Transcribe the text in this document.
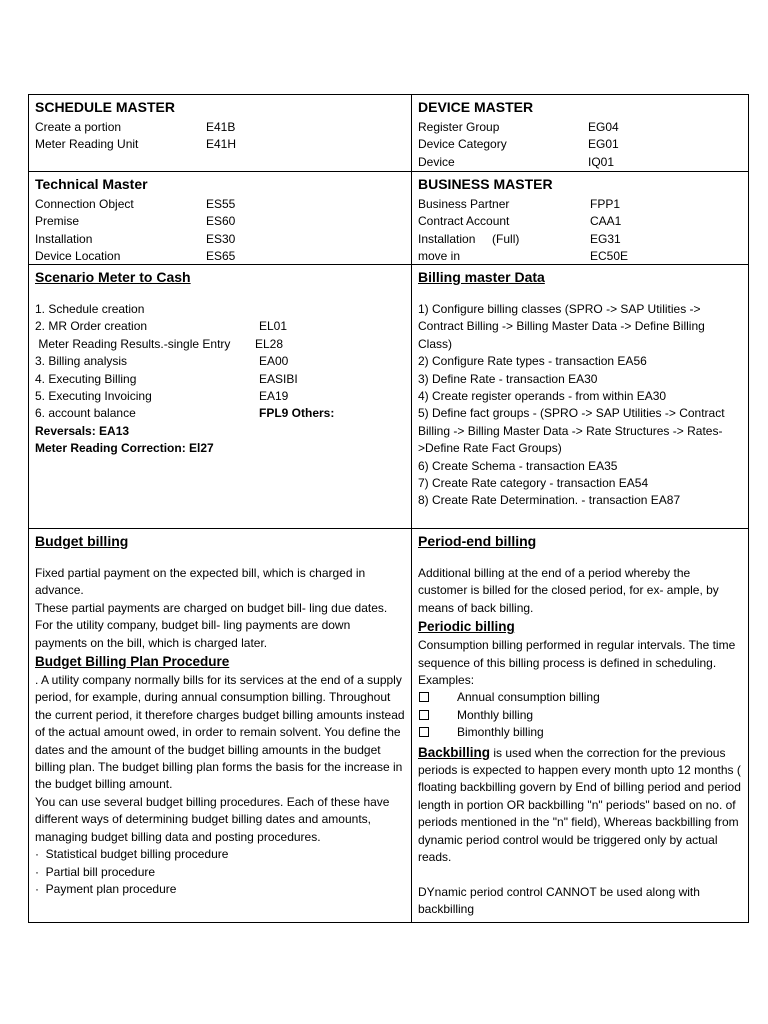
SCHEDULE MASTER
Create a portion	E41B
Meter Reading Unit	E41H
DEVICE MASTER
Register Group	EG04
Device Category	EG01
Device	IQ01
Technical Master
Connection Object	ES55
Premise	ES60
Installation	ES30
Device Location	ES65
BUSINESS MASTER
Business Partner	FPP1
Contract Account	CAA1
Installation     (Full)	EG31
move in	EC50E
Scenario Meter to Cash
1. Schedule creation
2. MR Order creation	EL01
Meter Reading Results.-single Entry	EL28
3. Billing analysis	EA00
4. Executing Billing	EASIBI
5. Executing Invoicing	EA19
6. account balance	FPL9 Others:
Reversals: EA13
Meter Reading Correction: El27
Billing master Data
1) Configure billing classes (SPRO -> SAP Utilities -> Contract Billing -> Billing Master Data -> Define Billing Class)
2) Configure Rate types - transaction EA56
3) Define Rate - transaction EA30
4) Create register operands - from within EA30
5) Define fact groups - (SPRO -> SAP Utilities -> Contract Billing -> Billing Master Data -> Rate Structures -> Rates->Define Rate Fact Groups)
6) Create Schema - transaction EA35
7) Create Rate category - transaction EA54
8) Create Rate Determination. - transaction EA87
Budget billing
Fixed partial payment on the expected bill, which is charged in advance.
These partial payments are charged on budget bill- ling due dates. For the utility company, budget bill- ling payments are down payments on the bill, which is charged later.
Budget Billing Plan Procedure
. A utility company normally bills for its services at the end of a supply period, for example, during annual consumption billing. Throughout the current period, it therefore charges budget billing amounts instead of the actual amount owed, in order to remain solvent. You define the dates and the amount of the budget billing amounts in the budget billing plan. The budget billing plan forms the basis for the increase in the budget billing amount.
You can use several budget billing procedures. Each of these have different ways of determining budget billing dates and amounts, managing budget billing data and posting procedures.
·  Statistical budget billing procedure
·  Partial bill procedure
·  Payment plan procedure
Period-end billing
Additional billing at the end of a period whereby the customer is billed for the closed period, for ex- ample, by means of back billing.
Periodic billing
Consumption billing performed in regular intervals. The time sequence of this billing process is defined in scheduling. Examples:
Annual consumption billing
Monthly billing
Bimonthly billing
Backbilling is used when the correction for the previous periods is expected to happen every month upto 12 months ( floating backbilling govern by End of billing period and period length in portion OR backbilling "n" periods" based on no. of periods mentioned in the "n" field), Whereas backbilling from dynamic period control would be triggered only by actual reads.
DYnamic period control CANNOT be used along with backbilling
